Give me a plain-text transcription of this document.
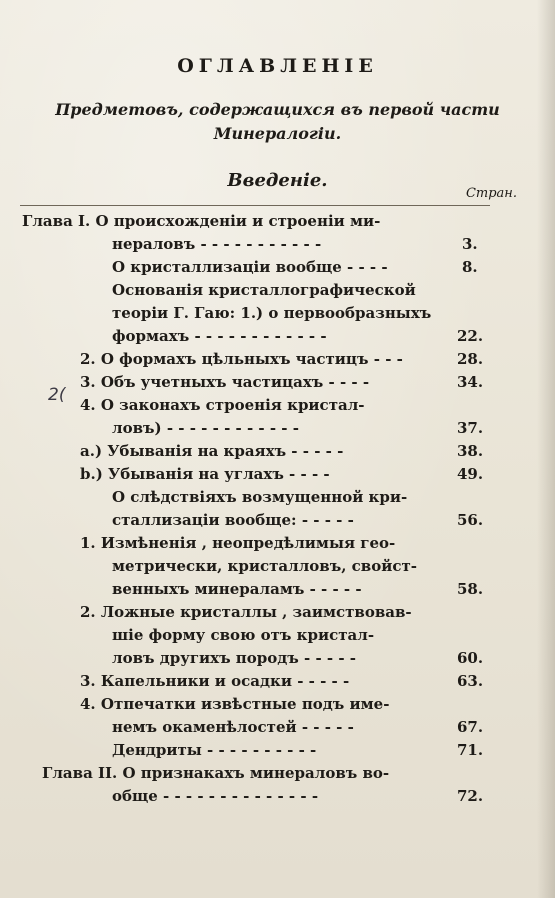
ОГЛАВЛЕНІЕ
Предметовъ, содержащихся въ первой части
Минералогіи.
Введеніе.
Стран.
2(
Глава I. О происхожденіи и строеніи ми-
нераловъ - - - - - - - - - - -	3.
О кристаллизаціи вообще - - - -	8.
Основанія кристаллографической
теоріи Г. Гаю: 1.) о первообразныхъ
формахъ - - - - - - - - - - - -	22.
2. О формахъ цѣльныхъ частицъ - - -	28.
3. Объ учетныхъ частицахъ - - - -	34.
4. О законахъ строенія кристал-
ловъ) - - - - - - - - - - - -	37.
a.) Убыванія на краяхъ - - - - -	38.
b.) Убыванія на углахъ - - - -	49.
О слѣдствіяхъ возмущенной кри-
сталлизаціи вообще: - - - - -	56.
1. Измѣненія , неопредѣлимыя гео-
метрически, кристалловъ, свойст-
венныхъ минераламъ - - - - -	58.
2. Ложные кристаллы , заимствовав-
шіе форму свою отъ кристал-
ловъ другихъ породъ - - - - -	60.
3. Капельники и осадки - - - - -	63.
4. Отпечатки извѣстные подъ име-
немъ окаменѣлостей - - - - -	67.
Дендриты - - - - - - - - - -	71.
Глава II. О признакахъ минераловъ во-
обще - - - - - - - - - - - - - -	72.
